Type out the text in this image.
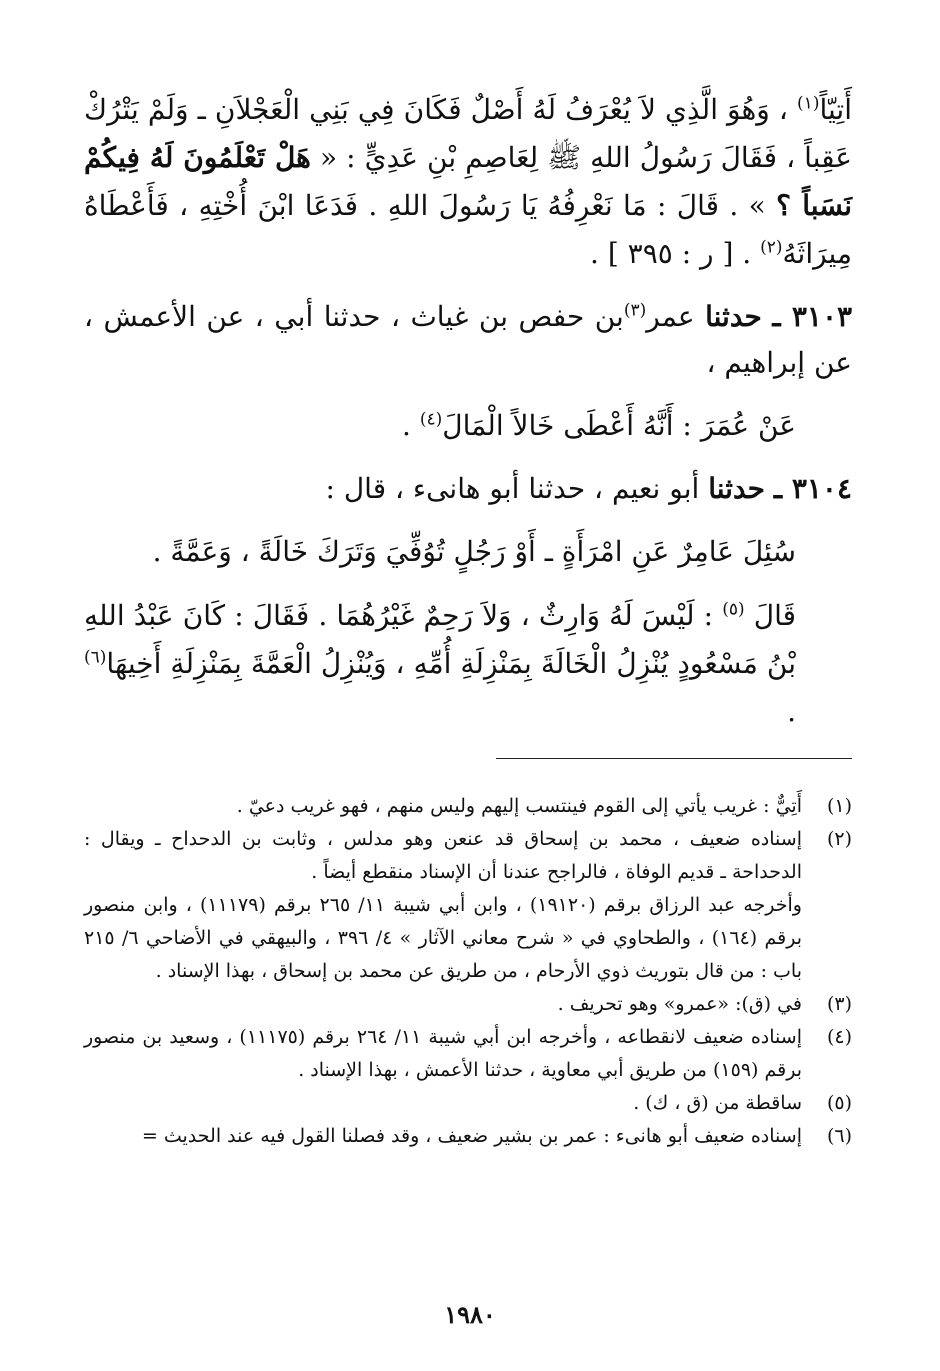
أَتِيّاً$^{(١)}$ ، وَهُوَ الَّذِي لاَ يُعْرَفُ لَهُ أَصْلٌ فَكَانَ فِي بَنِي الْعَجْلاَنِ ـ وَلَمْ يَتْرُكْ عَقِباً ، فَقَالَ رَسُولُ اللهِ ﷺ لِعَاصِمِ بْنِ عَدِيٍّ : « هَلْ تَعْلَمُونَ لَهُ فِيكُمْ نَسَباً ؟ » . قَالَ : مَا نَعْرِفُهُ يَا رَسُولَ اللهِ . فَدَعَا ابْنَ أُخْتِهِ ، فَأَعْطَاهُ مِيرَاثَهُ$^{(٢)}$ . [ ر : ٣٩٥ ] .

٣١٠٣ ـ حدثنا عمر$^{(٣)}$بن حفص بن غياث ، حدثنا أبي ، عن الأعمش ، عن إبراهيم ،

عَنْ عُمَرَ : أَنَّهُ أَعْطَى خَالاً الْمَالَ$^{(٤)}$ .

٣١٠٤ ـ حدثنا أبو نعيم ، حدثنا أبو هانىء ، قال :

سُئِلَ عَامِرٌ عَنِ امْرَأَةٍ ـ أَوْ رَجُلٍ تُوُفِّيَ وَتَرَكَ خَالَةً ، وَعَمَّةً .

قَالَ $^{(٥)}$ : لَيْسَ لَهُ وَارِثٌ ، وَلاَ رَحِمٌ غَيْرُهُمَا . فَقَالَ : كَانَ عَبْدُ اللهِ بْنُ مَسْعُودٍ يُنْزِلُ الْخَالَةَ بِمَنْزِلَةِ أُمِّهِ ، وَيُنْزِلُ الْعَمَّةَ بِمَنْزِلَةِ أَخِيهَا$^{(٦)}$ .

(١)

أَتِيٌّ : غريب يأتي إلى القوم فينتسب إليهم وليس منهم ، فهو غريب دعيّ .

(٢)

إسناده ضعيف ، محمد بن إسحاق قد عنعن وهو مدلس ، وثابت بن الدحداح ـ ويقال : الدحداحة ـ قديم الوفاة ، فالراجح عندنا أن الإسناد منقطع أيضاً .

وأخرجه عبد الرزاق برقم (١٩١٢٠) ، وابن أبي شيبة ١١/ ٢٦٥ برقم (١١١٧٩) ، وابن منصور برقم (١٦٤) ، والطحاوي في « شرح معاني الآثار » ٤/ ٣٩٦ ، والبيهقي في الأضاحي ٦/ ٢١٥ باب : من قال بتوريث ذوي الأرحام ، من طريق عن محمد بن إسحاق ، بهذا الإسناد .

(٣)

في (ق): «عمرو» وهو تحريف .

(٤)

إسناده ضعيف لانقطاعه ، وأخرجه ابن أبي شيبة ١١/ ٢٦٤ برقم (١١١٧٥) ، وسعيد بن منصور برقم (١٥٩) من طريق أبي معاوية ، حدثنا الأعمش ، بهذا الإسناد .

(٥)

ساقطة من (ق ، ك) .

(٦)

إسناده ضعيف أبو هانىء : عمر بن بشير ضعيف ، وقد فصلنا القول فيه عند الحديث =

١٩٨٠
